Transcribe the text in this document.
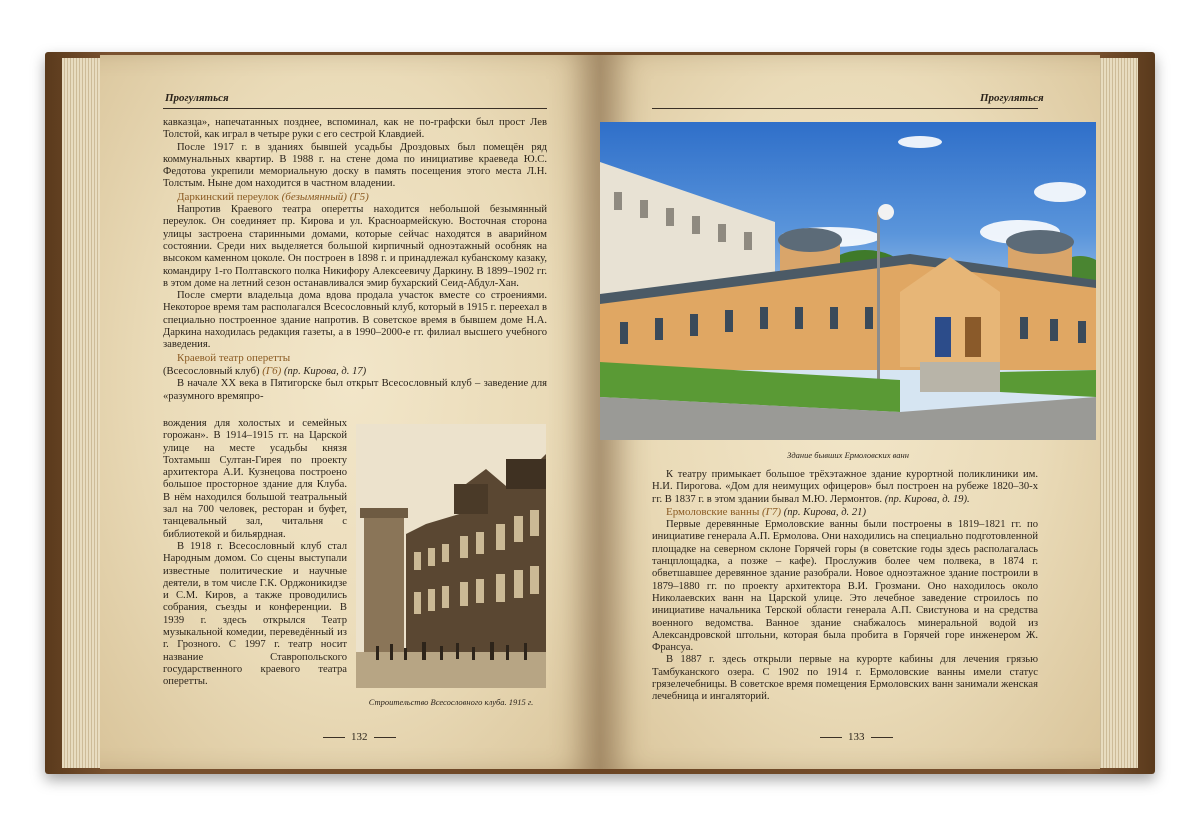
Прогуляться

кавказца», напечатанных позднее, вспоминал, как не по-графски был прост Лев Толстой, как играл в четыре руки с его сестрой Клавдией.

После 1917 г. в зданиях бывшей усадьбы Дроздовых был помещён ряд коммунальных квартир. В 1988 г. на стене дома по инициативе краеведа Ю.С. Федотова укрепили мемориальную доску в память посещения этого места Л.Н. Толстым. Ныне дом находится в частном владении.

Даркинский переулок (безымянный) (Г5)

Напротив Краевого театра оперетты находится небольшой безымянный переулок. Он соединяет пр. Кирова и ул. Красноармейскую. Восточная сторона улицы застроена старинными домами, которые сейчас находятся в аварийном состоянии. Среди них выделяется большой кирпичный одноэтажный особняк на высоком каменном цоколе. Он построен в 1898 г. и принадлежал кубанскому казаку, командиру 1-го Полтавского полка Никифору Алексеевичу Даркину. В 1899–1902 гг. в этом доме на летний сезон останавливался эмир бухарский Сеид-Абдул-Хан.

После смерти владельца дома вдова продала участок вместе со строениями. Некоторое время там располагался Всесословный клуб, который в 1915 г. переехал в специально построенное здание напротив. В советское время в бывшем доме Н.А. Даркина находилась редакция газеты, а в 1990–2000-е гг. филиал высшего учебного заведения.

Краевой театр оперетты

(Всесословный клуб) (Г6) (пр. Кирова, д. 17)

В начале ХХ века в Пятигорске был открыт Всесословный клуб – заведение для «разумного времяпро-

вождения для холостых и семейных горожан». В 1914–1915 гг. на Царской улице на месте усадьбы князя Тохтамыш Султан-Гирея по проекту архитектора А.И. Кузнецова построено большое просторное здание для Клуба. В нём находился большой театральный зал на 700 человек, ресторан и буфет, танцевальный зал, читальня с библиотекой и бильярдная.

В 1918 г. Всесословный клуб стал Народным домом. Со сцены выступали известные политические и научные деятели, в том числе Г.К. Орджоникидзе и С.М. Киров, а также проводились собрания, съезды и конференции. В 1939 г. здесь открылся Театр музыкальной комедии, переведённый из г. Грозного. С 1997 г. театр носит название Ставропольского государственного краевого театра оперетты.

Строительство Всесословного клуба. 1915 г.
132
Прогуляться
Здание бывших Ермоловских ванн

К театру примыкает большое трёхэтажное здание курортной поликлиники им. Н.И. Пирогова. «Дом для неимущих офицеров» был построен на рубеже 1820–30-х гг. В 1837 г. в этом здании бывал М.Ю. Лермонтов. (пр. Кирова, д. 19).

Ермоловские ванны (Г7) (пр. Кирова, д. 21)

Первые деревянные Ермоловские ванны были построены в 1819–1821 гг. по инициативе генерала А.П. Ермолова. Они находились на специально подготовленной площадке на северном склоне Горячей горы (в советские годы здесь располагалась танцплощадка, а позже – кафе). Прослужив более чем полвека, в 1874 г. обветшавшее деревянное здание разобрали. Новое одноэтажное здание построили в 1879–1880 гг. по проекту архитектора В.И. Грозмани. Оно находилось около Николаевских ванн на Царской улице. Это лечебное заведение строилось по инициативе начальника Терской области генерала А.П. Свистунова и на средства военного ведомства. Ванное здание снабжалось минеральной водой из Александровской штольни, которая была пробита в Горячей горе инженером Ж. Франсуа.

В 1887 г. здесь открыли первые на курорте кабины для лечения грязью Тамбуканского озера. С 1902 по 1914 г. Ермоловские ванны имели статус грязелечебницы. В советское время помещения Ермоловских ванн занимали женская лечебница и ингаляторий.

133
